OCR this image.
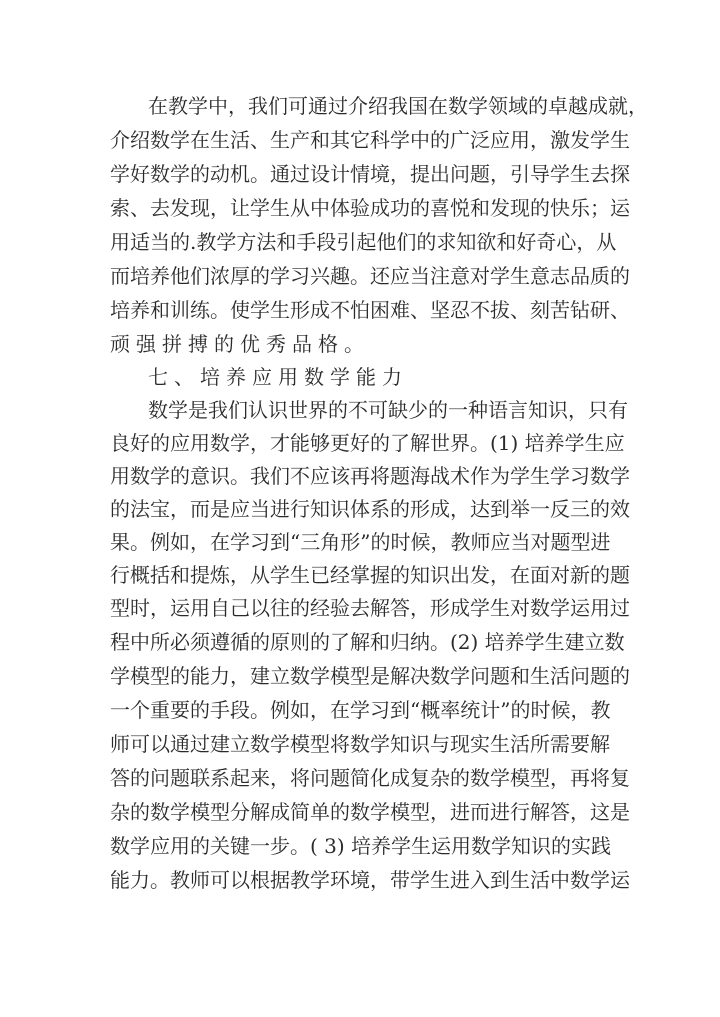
在教学中，我们可通过介绍我国在数学领域的卓越成就，
介绍数学在生活、生产和其它科学中的广泛应用，激发学生
学好数学的动机。通过设计情境，提出问题，引导学生去探
索、去发现，让学生从中体验成功的喜悦和发现的快乐；运
用适当的.教学方法和手段引起他们的求知欲和好奇心，从
而培养他们浓厚的学习兴趣。还应当注意对学生意志品质的
培养和训练。使学生形成不怕困难、坚忍不拔、刻苦钻研、
顽强拼搏的优秀品格。
七、培养应用数学能力
数学是我们认识世界的不可缺少的一种语言知识，只有
良好的应用数学，才能够更好的了解世界。(1) 培养学生应
用数学的意识。我们不应该再将题海战术作为学生学习数学
的法宝，而是应当进行知识体系的形成，达到举一反三的效
果。例如，在学习到“三角形”的时候，教师应当对题型进
行概括和提炼，从学生已经掌握的知识出发，在面对新的题
型时，运用自己以往的经验去解答，形成学生对数学运用过
程中所必须遵循的原则的了解和归纳。(2) 培养学生建立数
学模型的能力，建立数学模型是解决数学问题和生活问题的
一个重要的手段。例如，在学习到“概率统计”的时候，教
师可以通过建立数学模型将数学知识与现实生活所需要解
答的问题联系起来，将问题简化成复杂的数学模型，再将复
杂的数学模型分解成简单的数学模型，进而进行解答，这是
数学应用的关键一步。( 3) 培养学生运用数学知识的实践
能力。教师可以根据教学环境，带学生进入到生活中数学运
